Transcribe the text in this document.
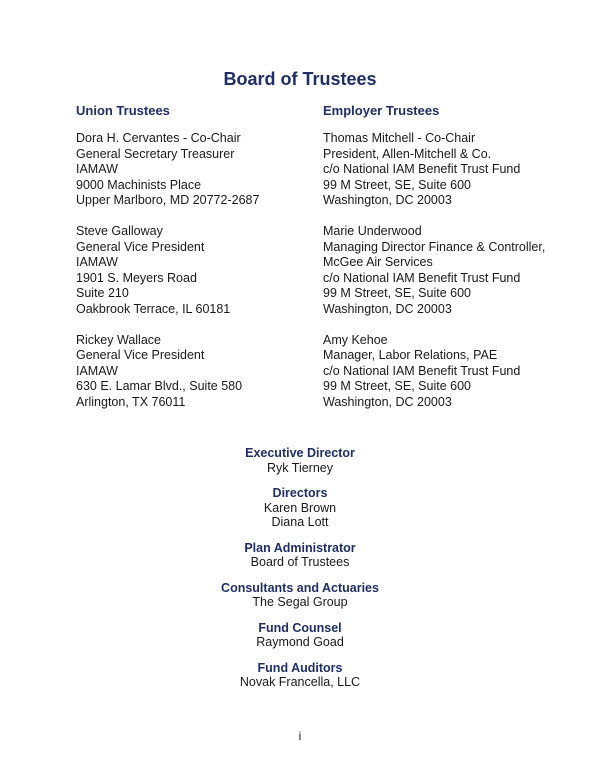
Board of Trustees
Union Trustees
Dora H. Cervantes - Co-Chair
General Secretary Treasurer
IAMAW
9000 Machinists Place
Upper Marlboro, MD 20772-2687
Steve Galloway
General Vice President
IAMAW
1901 S. Meyers Road
Suite 210
Oakbrook Terrace, IL 60181
Rickey Wallace
General Vice President
IAMAW
630 E. Lamar Blvd., Suite 580
Arlington, TX 76011
Employer Trustees
Thomas Mitchell - Co-Chair
President, Allen-Mitchell & Co.
c/o National IAM Benefit Trust Fund
99 M Street, SE, Suite 600
Washington, DC 20003
Marie Underwood
Managing Director Finance & Controller,
McGee Air Services
c/o National IAM Benefit Trust Fund
99 M Street, SE, Suite 600
Washington, DC 20003
Amy Kehoe
Manager, Labor Relations, PAE
c/o National IAM Benefit Trust Fund
99 M Street, SE, Suite 600
Washington, DC 20003
Executive Director
Ryk Tierney
Directors
Karen Brown
Diana Lott
Plan Administrator
Board of Trustees
Consultants and Actuaries
The Segal Group
Fund Counsel
Raymond Goad
Fund Auditors
Novak Francella, LLC
i
